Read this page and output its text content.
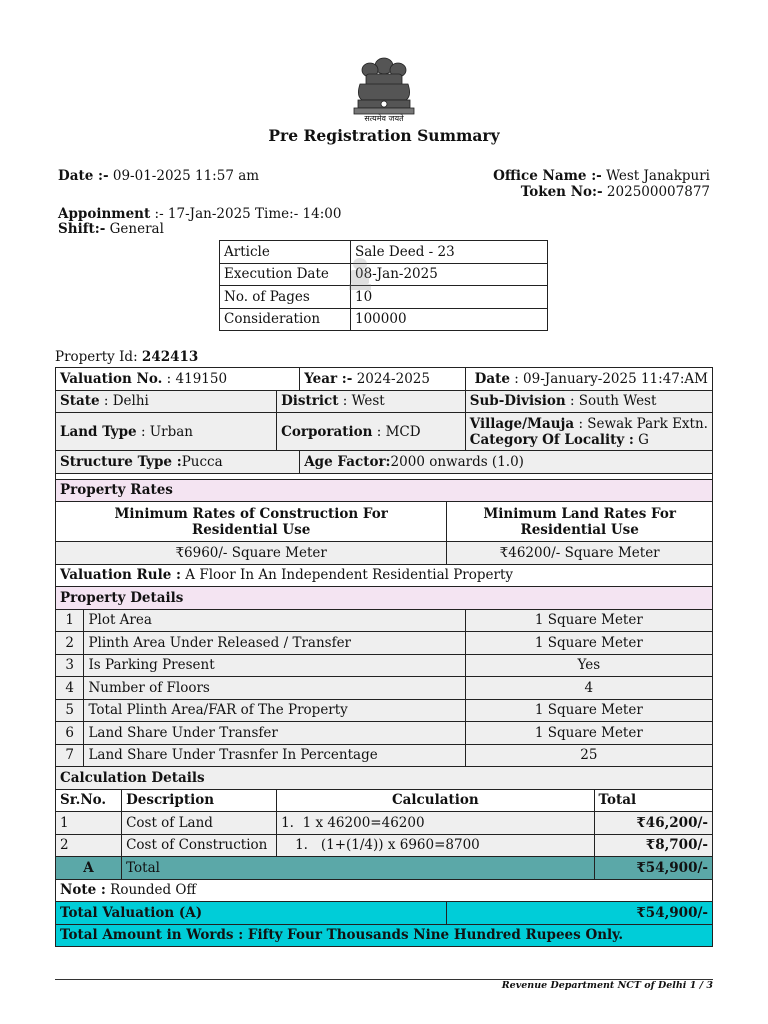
सत्यमेव जयते
Pre Registration Summary
Date :- 09-01-2025 11:57 am	Office Name :- West Janakpuri
Token No:- 202500007877
Appoinment :- 17-Jan-2025 Time:- 14:00
Shift:- General
Article	Sale Deed - 23
Execution Date	08-Jan-2025
No. of Pages	10
Consideration	100000
Property Id: 242413
Valuation No. : 419150				Year :- 2024-2025		Date : 09-January-2025 11:47:AM	
State : Delhi			District : West			Sub-Division : South West	
Land Type : Urban			Corporation : MCD			Village/Mauja : Sewak Park Extn.
Category Of Locality : G	
Structure Type :Pucca				Age Factor:2000 onwards (1.0)			

Property Rates							
Minimum Rates of Construction For Residential Use					Minimum Land Rates For Residential Use		
₹6960/- Square Meter					₹46200/- Square Meter		
Valuation Rule : A Floor In An Independent Residential Property							
Property Details							
1	Plot Area					1 Square Meter	
2	Plinth Area Under Released / Transfer					1 Square Meter	
3	Is Parking Present					Yes	
4	Number of Floors					4	
5	Total Plinth Area/FAR of The Property					1 Square Meter	
6	Land Share Under Transfer					1 Square Meter	
7	Land Share Under Trasnfer In Percentage					25	
Calculation Details							
Sr.No.		Description	Calculation				Total
1		Cost of Land	1. 1 x 46200=46200				₹46,200/-
2		Cost of Construction	1. (1+(1/4)) x 6960=8700				₹8,700/-
A		Total					₹54,900/-
Note : Rounded Off							
Total Valuation (A)					₹54,900/-		
Total Amount in Words : Fifty Four Thousands Nine Hundred Rupees Only.							
Revenue Department NCT of Delhi 1 / 3
